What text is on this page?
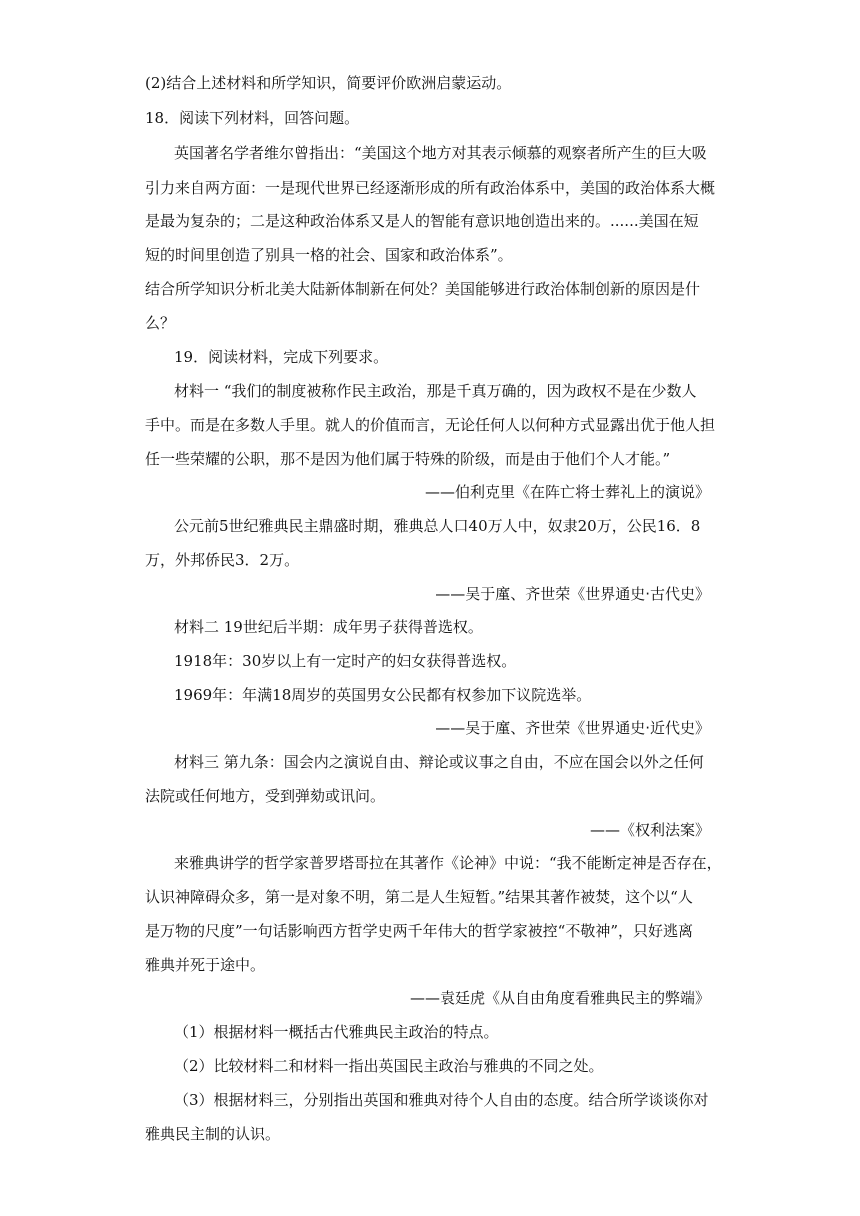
(2)结合上述材料和所学知识，简要评价欧洲启蒙运动。
18．阅读下列材料，回答问题。
英国著名学者维尔曾指出：“美国这个地方对其表示倾慕的观察者所产生的巨大吸
引力来自两方面：一是现代世界已经逐渐形成的所有政治体系中，美国的政治体系大概
是最为复杂的；二是这种政治体系又是人的智能有意识地创造出来的。......美国在短
短的时间里创造了别具一格的社会、国家和政治体系”。
结合所学知识分析北美大陆新体制新在何处？美国能够进行政治体制创新的原因是什
么？
19．阅读材料，完成下列要求。
材料一 “我们的制度被称作民主政治，那是千真万确的，因为政权不是在少数人
手中。而是在多数人手里。就人的价值而言，无论任何人以何种方式显露出优于他人担
任一些荣耀的公职，那不是因为他们属于特殊的阶级，而是由于他们个人才能。”
——伯利克里《在阵亡将士葬礼上的演说》
公元前5世纪雅典民主鼎盛时期，雅典总人口40万人中，奴隶20万，公民16．8
万，外邦侨民3．2万。
——吴于廑、齐世荣《世界通史·古代史》
材料二 19世纪后半期：成年男子获得普选权。
1918年：30岁以上有一定时产的妇女获得普选权。
1969年：年满18周岁的英国男女公民都有权参加下议院选举。
——吴于廑、齐世荣《世界通史·近代史》
材料三 第九条：国会内之演说自由、辩论或议事之自由，不应在国会以外之任何
法院或任何地方，受到弹劾或讯问。
——《权利法案》
来雅典讲学的哲学家普罗塔哥拉在其著作《论神》中说：“我不能断定神是否存在，
认识神障碍众多，第一是对象不明，第二是人生短暂。”结果其著作被焚，这个以“人
是万物的尺度”一句话影响西方哲学史两千年伟大的哲学家被控“不敬神”，只好逃离
雅典并死于途中。
——袁廷虎《从自由角度看雅典民主的弊端》
（1）根据材料一概括古代雅典民主政治的特点。
（2）比较材料二和材料一指出英国民主政治与雅典的不同之处。
（3）根据材料三，分别指出英国和雅典对待个人自由的态度。结合所学谈谈你对
雅典民主制的认识。
